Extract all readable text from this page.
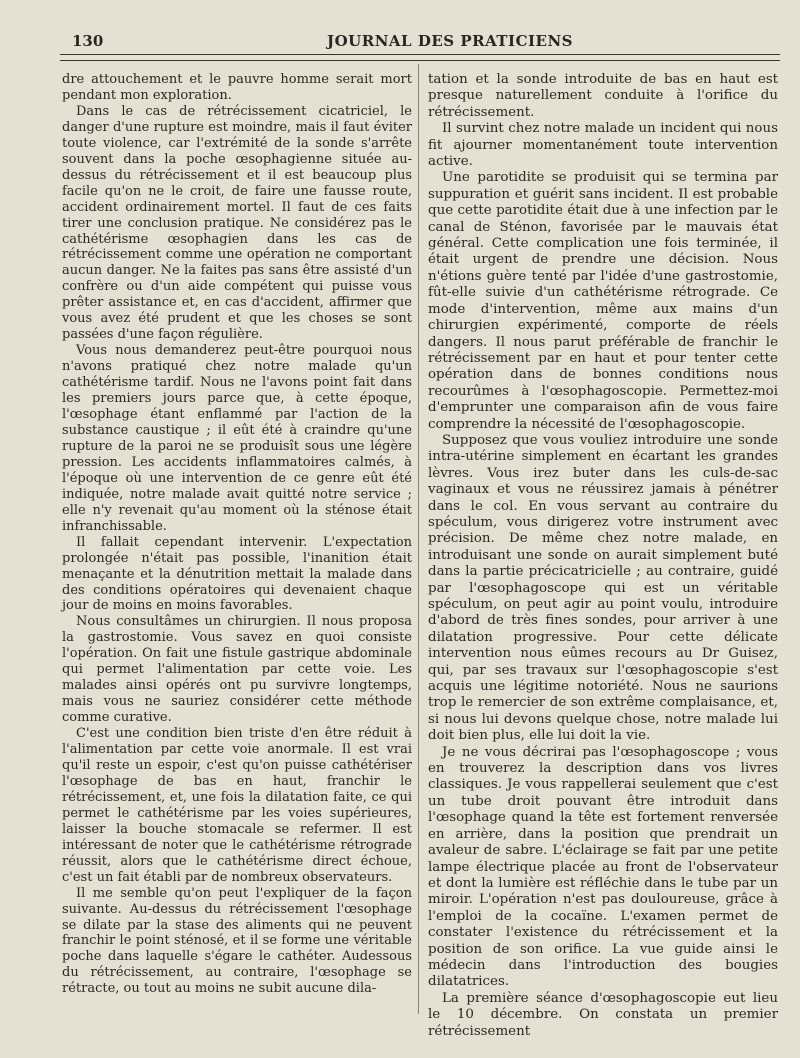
130	JOURNAL DES PRATICIENS

dre attouchement et le pauvre homme serait mort pendant mon exploration.

Dans le cas de rétrécissement cicatriciel, le danger d'une rupture est moindre, mais il faut éviter toute violence, car l'extrémité de la sonde s'arrête souvent dans la poche œsophagienne située au-dessus du rétrécissement et il est beaucoup plus facile qu'on ne le croit, de faire une fausse route, accident ordinairement mortel. Il faut de ces faits tirer une conclusion pratique. Ne considérez pas le cathétérisme œsophagien dans les cas de rétrécissement comme une opération ne comportant aucun danger. Ne la faites pas sans être assisté d'un confrère ou d'un aide compétent qui puisse vous prêter assistance et, en cas d'accident, affirmer que vous avez été prudent et que les choses se sont passées d'une façon régulière.

Vous nous demanderez peut-être pourquoi nous n'avons pratiqué chez notre malade qu'un cathétérisme tardif. Nous ne l'avons point fait dans les premiers jours parce que, à cette époque, l'œsophage étant enflammé par l'action de la substance caustique ; il eût été à craindre qu'une rupture de la paroi ne se produisît sous une légère pression. Les accidents inflammatoires calmés, à l'époque où une intervention de ce genre eût été indiquée, notre malade avait quitté notre service ; elle n'y revenait qu'au moment où la sténose était infranchissable.

Il fallait cependant intervenir. L'expectation prolongée n'était pas possible, l'inanition était menaçante et la dénutrition mettait la malade dans des conditions opératoires qui devenaient chaque jour de moins en moins favorables.

Nous consultâmes un chirurgien. Il nous proposa la gastrostomie. Vous savez en quoi consiste l'opération. On fait une fistule gastrique abdominale qui permet l'alimentation par cette voie. Les malades ainsi opérés ont pu survivre longtemps, mais vous ne sauriez considérer cette méthode comme curative.

C'est une condition bien triste d'en être réduit à l'alimentation par cette voie anormale. Il est vrai qu'il reste un espoir, c'est qu'on puisse cathétériser l'œsophage de bas en haut, franchir le rétrécissement, et, une fois la dilatation faite, ce qui permet le cathétérisme par les voies supérieures, laisser la bouche stomacale se refermer. Il est intéressant de noter que le cathétérisme rétrograde réussit, alors que le cathétérisme direct échoue, c'est un fait établi par de nombreux observateurs.

Il me semble qu'on peut l'expliquer de la façon suivante. Au-dessus du rétrécissement l'œsophage se dilate par la stase des aliments qui ne peuvent franchir le point sténosé, et il se forme une véritable poche dans laquelle s'égare le cathéter. Audessous du rétrécissement, au contraire, l'œsophage se rétracte, ou tout au moins ne subit aucune dila-

tation et la sonde introduite de bas en haut est presque naturellement conduite à l'orifice du rétrécissement.

Il survint chez notre malade un incident qui nous fit ajourner momentanément toute intervention active.

Une parotidite se produisit qui se termina par suppuration et guérit sans incident. Il est probable que cette parotidite était due à une infection par le canal de Sténon, favorisée par le mauvais état général. Cette complication une fois terminée, il était urgent de prendre une décision. Nous n'étions guère tenté par l'idée d'une gastrostomie, fût-elle suivie d'un cathétérisme rétrograde. Ce mode d'intervention, même aux mains d'un chirurgien expérimenté, comporte de réels dangers. Il nous parut préférable de franchir le rétrécissement par en haut et pour tenter cette opération dans de bonnes conditions nous recourûmes à l'œsophagoscopie. Permettez-moi d'emprunter une comparaison afin de vous faire comprendre la nécessité de l'œsophagoscopie.

Supposez que vous vouliez introduire une sonde intra-utérine simplement en écartant les grandes lèvres. Vous irez buter dans les culs-de-sac vaginaux et vous ne réussirez jamais à pénétrer dans le col. En vous servant au contraire du spéculum, vous dirigerez votre instrument avec précision. De même chez notre malade, en introduisant une sonde on aurait simplement buté dans la partie précicatricielle ; au contraire, guidé par l'œsophagoscope qui est un véritable spéculum, on peut agir au point voulu, introduire d'abord de très fines sondes, pour arriver à une dilatation progressive. Pour cette délicate intervention nous eûmes recours au Dr Guisez, qui, par ses travaux sur l'œsophagoscopie s'est acquis une légitime notoriété. Nous ne saurions trop le remercier de son extrême complaisance, et, si nous lui devons quelque chose, notre malade lui doit bien plus, elle lui doit la vie.

Je ne vous décrirai pas l'œsophagoscope ; vous en trouverez la description dans vos livres classiques. Je vous rappellerai seulement que c'est un tube droit pouvant être introduit dans l'œsophage quand la tête est fortement renversée en arrière, dans la position que prendrait un avaleur de sabre. L'éclairage se fait par une petite lampe électrique placée au front de l'observateur et dont la lumière est réfléchie dans le tube par un miroir. L'opération n'est pas douloureuse, grâce à l'emploi de la cocaïne. L'examen permet de constater l'existence du rétrécissement et la position de son orifice. La vue guide ainsi le médecin dans l'introduction des bougies dilatatrices.

La première séance d'œsophagoscopie eut lieu le 10 décembre. On constata un premier rétrécissement
